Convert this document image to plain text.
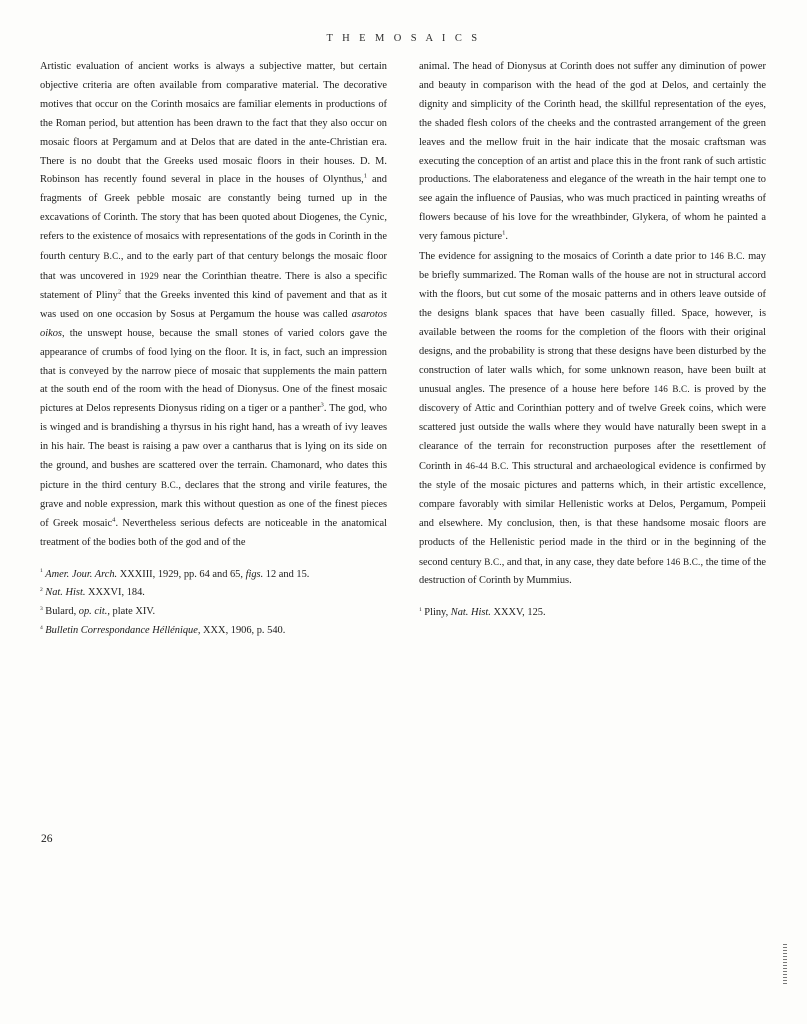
T H E M O S A I C S

Artistic evaluation of ancient works is always a subjective matter, but certain objective criteria are often available from comparative material. The decorative motives that occur on the Corinth mosaics are familiar elements in productions of the Roman period, but attention has been drawn to the fact that they also occur on mosaic floors at Pergamum and at Delos that are dated in the ante-Christian era. There is no doubt that the Greeks used mosaic floors in their houses. D. M. Robinson has recently found several in place in the houses of Olynthus,$^1$ and fragments of Greek pebble mosaic are constantly being turned up in the excavations of Corinth. The story that has been quoted about Diogenes, the Cynic, refers to the existence of mosaics with representations of the gods in Corinth in the fourth century B.C., and to the early part of that century belongs the mosaic floor that was uncovered in 1929 near the Corinthian theatre. There is also a specific statement of Pliny$^2$ that the Greeks invented this kind of pavement and that as it was used on one occasion by Sosus at Pergamum the house was called asarotos oikos, the unswept house, because the small stones of varied colors gave the appearance of crumbs of food lying on the floor. It is, in fact, such an impression that is conveyed by the narrow piece of mosaic that supplements the main pattern at the south end of the room with the head of Dionysus. One of the finest mosaic pictures at Delos represents Dionysus riding on a tiger or a panther$^3$. The god, who is winged and is brandishing a thyrsus in his right hand, has a wreath of ivy leaves in his hair. The beast is raising a paw over a cantharus that is lying on its side on the ground, and bushes are scattered over the terrain. Chamonard, who dates this picture in the third century B.C., declares that the strong and virile features, the grave and noble expression, mark this without question as one of the finest pieces of Greek mosaic$^4$. Nevertheless serious defects are noticeable in the anatomical treatment of the bodies both of the god and of the

$^1$ Amer. Jour. Arch. XXXIII, 1929, pp. 64 and 65, figs. 12 and 15.

$^2$ Nat. Hist. XXXVI, 184.

$^3$ Bulard, op. cit., plate XIV.

$^4$ Bulletin Correspondance Héllénique, XXX, 1906, p. 540.

animal. The head of Dionysus at Corinth does not suffer any diminution of power and beauty in comparison with the head of the god at Delos, and certainly the dignity and simplicity of the Corinth head, the skillful representation of the eyes, the shaded flesh colors of the cheeks and the contrasted arrangement of the green leaves and the mellow fruit in the hair indicate that the mosaic craftsman was executing the conception of an artist and place this in the front rank of such artistic productions. The elaborateness and elegance of the wreath in the hair tempt one to see again the influence of Pausias, who was much practiced in painting wreaths of flowers because of his love for the wreathbinder, Glykera, of whom he painted a very famous picture$^1$.

The evidence for assigning to the mosaics of Corinth a date prior to 146 B.C. may be briefly summarized. The Roman walls of the house are not in structural accord with the floors, but cut some of the mosaic patterns and in others leave outside of the designs blank spaces that have been casually filled. Space, however, is available between the rooms for the completion of the floors with their original designs, and the probability is strong that these designs have been disturbed by the construction of later walls which, for some unknown reason, have been built at unusual angles. The presence of a house here before 146 B.C. is proved by the discovery of Attic and Corinthian pottery and of twelve Greek coins, which were scattered just outside the walls where they would have naturally been swept in a clearance of the terrain for reconstruction purposes after the resettlement of Corinth in 46-44 B.C. This structural and archaeological evidence is confirmed by the style of the mosaic pictures and patterns which, in their artistic excellence, compare favorably with similar Hellenistic works at Delos, Pergamum, Pompeii and elsewhere. My conclusion, then, is that these handsome mosaic floors are products of the Hellenistic period made in the third or in the beginning of the second century B.C., and that, in any case, they date before 146 B.C., the time of the destruction of Corinth by Mummius.

$^1$ Pliny, Nat. Hist. XXXV, 125.

26
